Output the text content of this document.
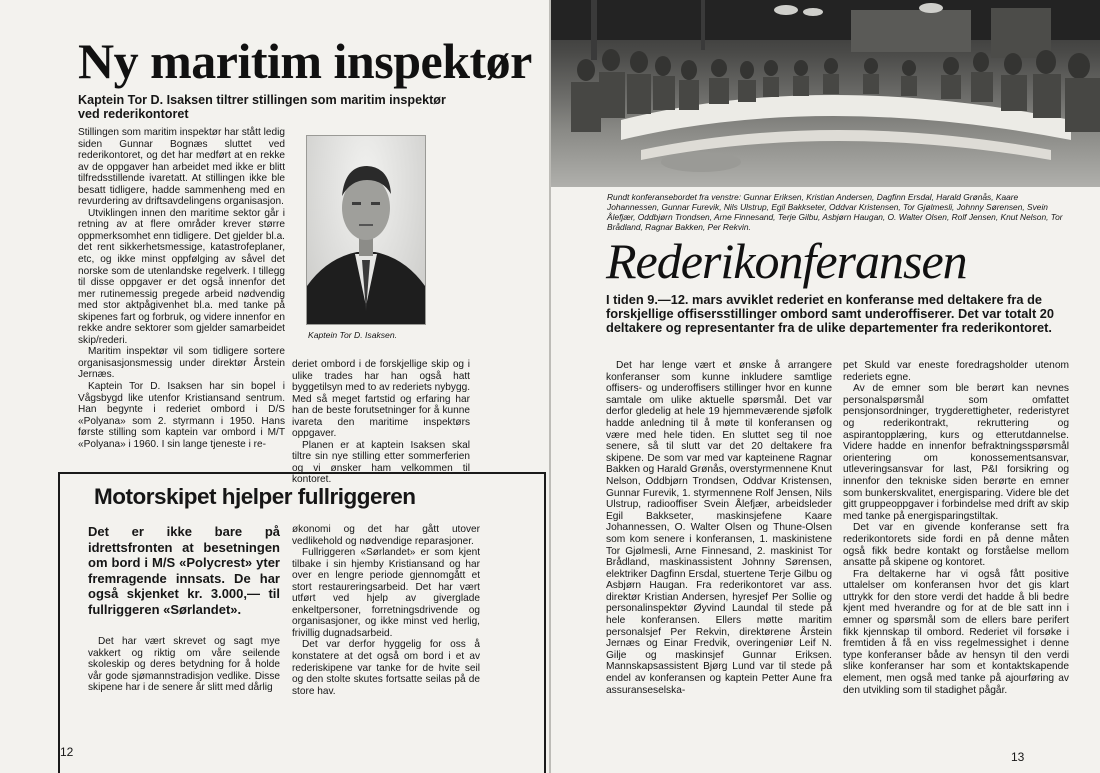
Ny maritim inspektør
Kaptein Tor D. Isaksen tiltrer stillingen som maritim inspektør ved rederikontoret

Stillingen som maritim inspektør har stått ledig siden Gunnar Bognæs sluttet ved rederikontoret, og det har medført at en rekke av de oppgaver han arbeidet med ikke er blitt tilfredsstillende ivaretatt. At stillingen ikke ble besatt tidligere, hadde sammenheng med en revurdering av driftsavdelingens organisasjon.

Utviklingen innen den maritime sektor går i retning av at flere områder krever større oppmerksomhet enn tidligere. Det gjelder bl.a. det rent sikkerhetsmessige, katastrofeplaner, etc, og ikke minst oppfølging av såvel det norske som de utenlandske regelverk. I tillegg til disse oppgaver er det også innenfor det mer rutinemessig pregede arbeid nødvendig med stor aktpågivenhet bl.a. med tanke på skipenes fart og forbruk, og videre innenfor en rekke andre sektorer som gjelder samarbeidet skip/rederi.

Maritim inspektør vil som tidligere sortere organisasjonsmessig under direktør Årstein Jernæs.

Kaptein Tor D. Isaksen har sin bopel i Vågsbygd like utenfor Kristiansand sentrum. Han begynte i rederiet ombord i D/S «Polyana» som 2. styrmann i 1950. Hans første stilling som kaptein var ombord i M/T «Polyana» i 1960. I sin lange tjeneste i re-

Kaptein Tor D. Isaksen.

deriet ombord i de forskjellige skip og i ulike trades har han også hatt byggetilsyn med to av rederiets nybygg. Med så meget fartstid og erfaring har han de beste forutsetninger for å kunne ivareta den maritime inspektørs oppgaver.

Planen er at kaptein Isaksen skal tiltre sin nye stilling etter sommerferien og vi ønsker ham velkommen til kontoret.

Motorskipet hjelper fullriggeren
Det er ikke bare på idrettsfronten at besetningen om bord i M/S «Polycrest» yter fremragende innsats. De har også skjenket kr. 3.000,— til fullriggeren «Sørlandet».

Det har vært skrevet og sagt mye vakkert og riktig om våre seilende skoleskip og deres betydning for å holde vår gode sjømannstradisjon vedlike. Disse skipene har i de senere år slitt med dårlig

økonomi og det har gått utover vedlikehold og nødvendige reparasjoner.

Fullriggeren «Sørlandet» er som kjent tilbake i sin hjemby Kristiansand og har over en lengre periode gjennomgått et stort restaureringsarbeid. Det har vært utført ved hjelp av giverglade enkeltpersoner, forretningsdrivende og organisasjoner, og ikke minst ved herlig, frivillig dugnadsarbeid.

Det var derfor hyggelig for oss å konstatere at det også om bord i et av rederiskipene var tanke for de hvite seil og den stolte skutes fortsatte seilas på de store hav.

12
Rundt konferansebordet fra venstre: Gunnar Eriksen, Kristian Andersen, Dagfinn Ersdal, Harald Grønås, Kaare Johannessen, Gunnar Furevik, Nils Ulstrup, Egil Bakkseter, Oddvar Kristensen, Tor Gjølmesli, Johnny Sørensen, Svein Ålefjær, Oddbjørn Trondsen, Arne Finnesand, Terje Gilbu, Asbjørn Haugan, O. Walter Olsen, Rolf Jensen, Knut Nelson, Tor Brådland, Ragnar Bakken, Per Rekvin.
Rederikonferansen
I tiden 9.—12. mars avviklet rederiet en konferanse med deltakere fra de forskjellige offisersstillinger ombord samt underoffiserer. Det var totalt 20 deltakere og representanter fra de ulike departementer fra rederikontoret.

Det har lenge vært et ønske å arrangere konferanser som kunne inkludere samtlige offisers- og underoffisers stillinger hvor en kunne samtale om ulike aktuelle spørsmål. Det var derfor gledelig at hele 19 hjemmeværende sjøfolk hadde anledning til å møte til konferansen og være med hele tiden. En sluttet seg til noe senere, så til slutt var det 20 deltakere fra skipene. De som var med var kapteinene Ragnar Bakken og Harald Grønås, overstyrmennene Knut Nelson, Oddbjørn Trondsen, Oddvar Kristensen, Gunnar Furevik, 1. styrmennene Rolf Jensen, Nils Ulstrup, radiooffiser Svein Ålefjær, arbeidsleder Egil Bakkseter, maskinsjefene Kaare Johannessen, O. Walter Olsen og Thune-Olsen som kom senere i konferansen, 1. maskinistene Tor Gjølmesli, Arne Finnesand, 2. maskinist Tor Brådland, maskinassistent Johnny Sørensen, elektriker Dagfinn Ersdal, stuertene Terje Gilbu og Asbjørn Haugan. Fra rederikontoret var ass. direktør Kristian Andersen, hyresjef Per Sollie og personalinspektør Øyvind Laundal til stede på hele konferansen. Ellers møtte maritim personalsjef Per Rekvin, direktørene Årstein Jernæs og Einar Fredvik, overingeniør Leif N. Gilje og maskinsjef Gunnar Eriksen. Mannskapsassistent Bjørg Lund var til stede på endel av konferansen og kaptein Petter Aune fra assuranseselska-

pet Skuld var eneste foredragsholder utenom rederiets egne.

Av de emner som ble berørt kan nevnes personalspørsmål som omfattet pensjonsordninger, trygderettigheter, rederistyret og rederikontrakt, rekruttering og aspirantopplæring, kurs og etterutdannelse. Videre hadde en innenfor befraktningsspørsmål orientering om konossementsansvar, utleveringsansvar for last, P&I forsikring og innenfor den tekniske siden berørte en emner som bunkerskvalitet, energisparing. Videre ble det gitt gruppeoppgaver i forbindelse med drift av skip med tanke på energisparingstiltak.

Det var en givende konferanse sett fra rederikontorets side fordi en på denne måten også fikk bedre kontakt og forståelse mellom ansatte på skipene og kontoret.

Fra deltakerne har vi også fått positive uttalelser om konferansen hvor det gis klart uttrykk for den store verdi det hadde å bli bedre kjent med hverandre og for at de ble satt inn i emner og spørsmål som de ellers bare perifert fikk kjennskap til ombord. Rederiet vil forsøke i fremtiden å få en viss regelmessighet i denne type konferanser både av hensyn til den verdi slike konferanser har som et kontaktskapende element, men også med tanke på ajourføring av den utvikling som til stadighet pågår.

13
